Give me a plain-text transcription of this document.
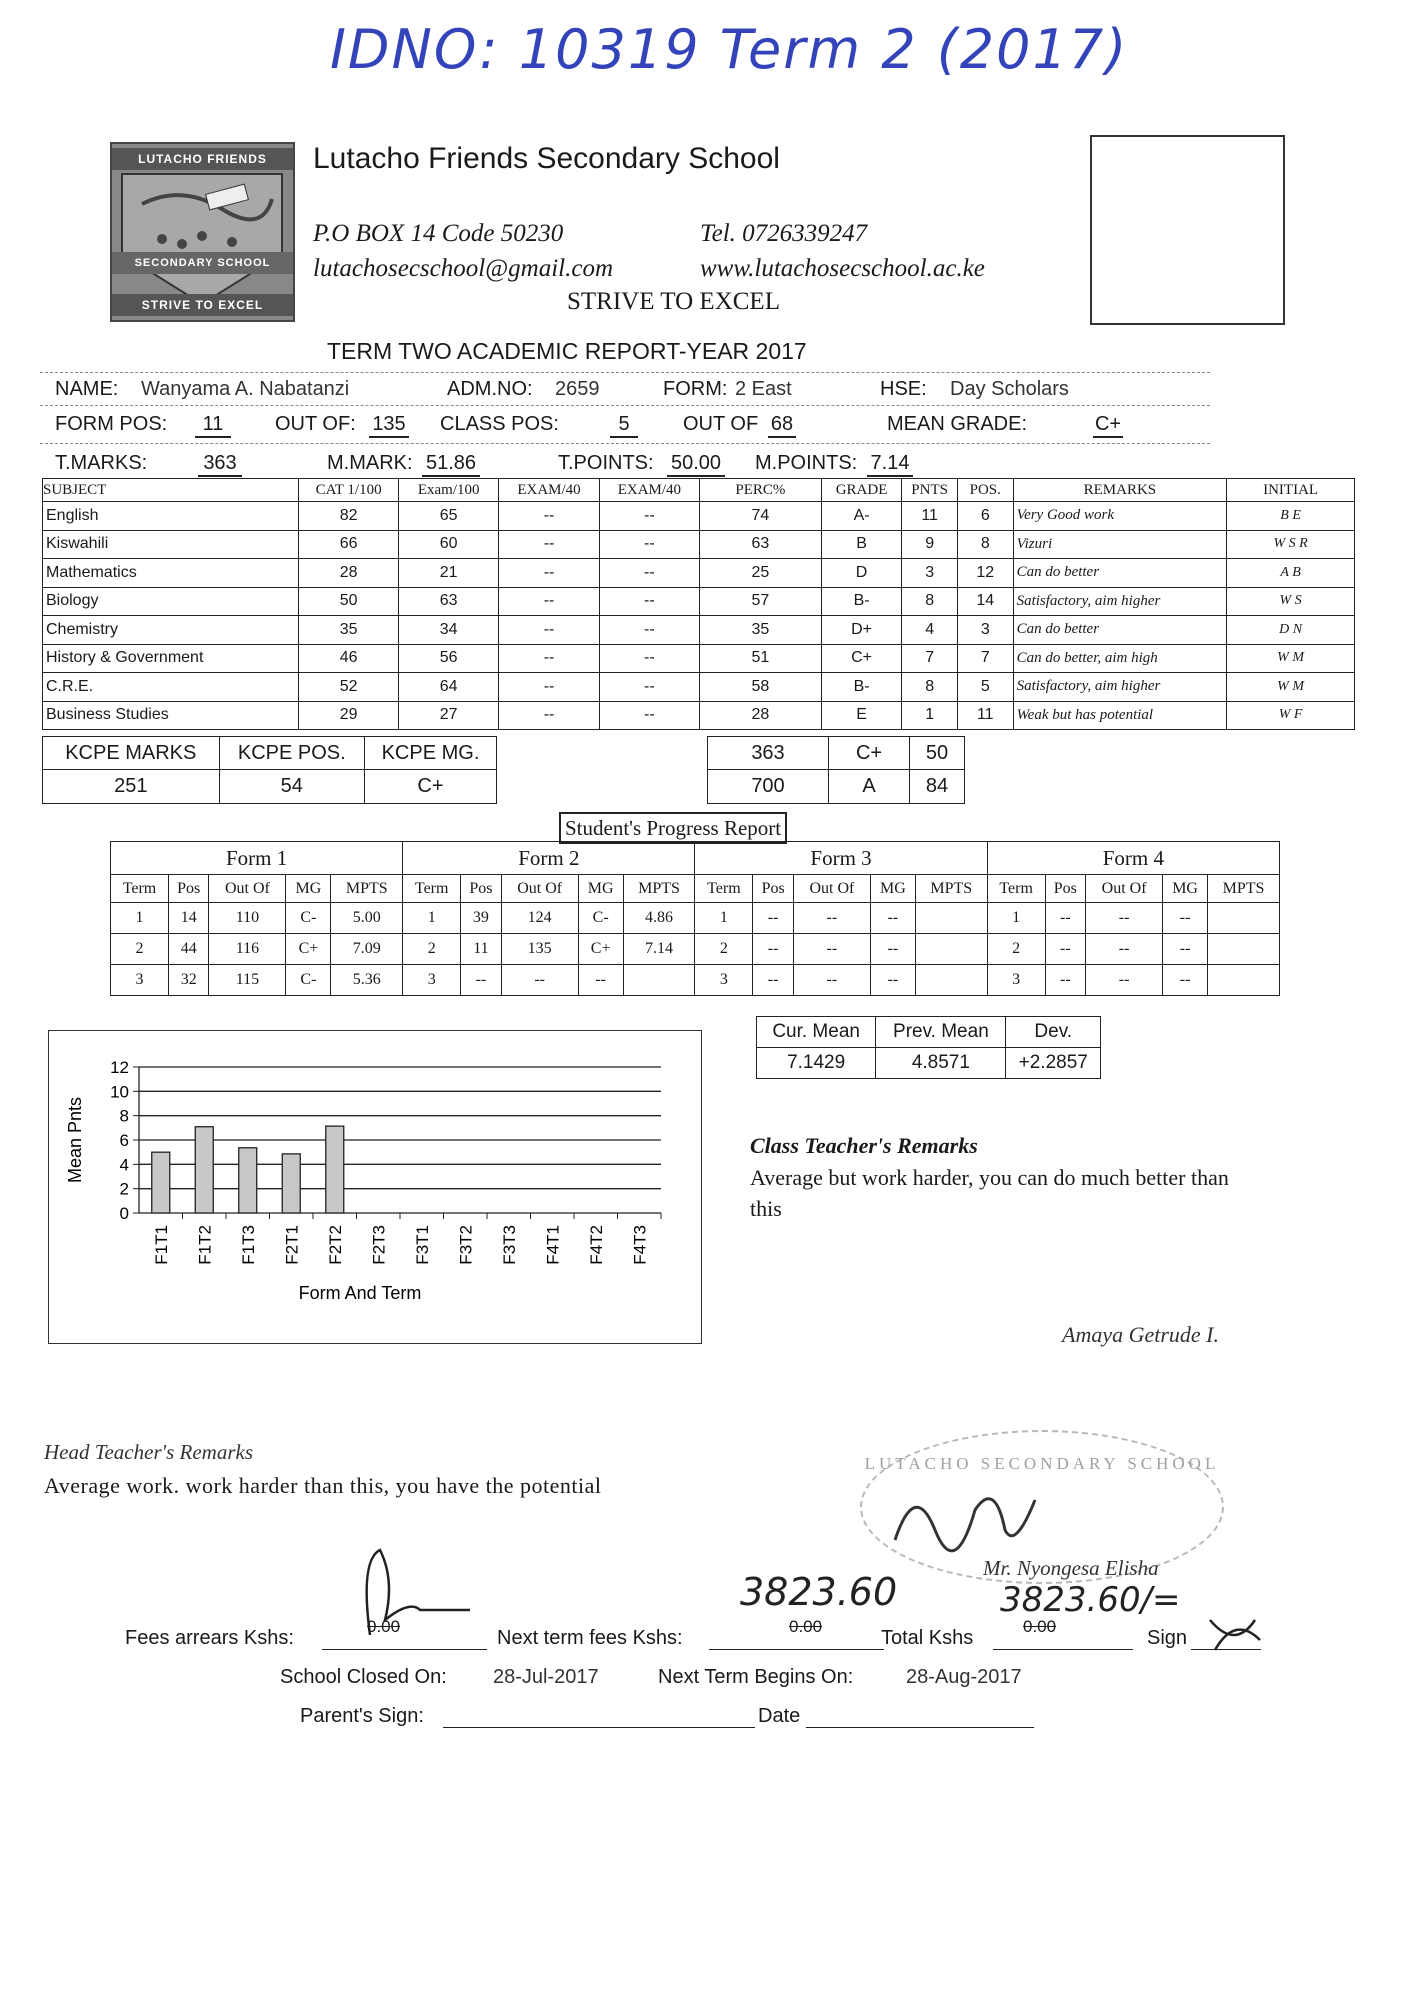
IDNO: 10319 Term 2 (2017)
LUTACHO FRIENDS
SECONDARY SCHOOL
STRIVE TO EXCEL
Lutacho Friends Secondary School
P.O BOX 14 Code 50230	Tel. 0726339247
lutachosecschool@gmail.com	www.lutachosecschool.ac.ke
STRIVE TO EXCEL
TERM TWO ACADEMIC REPORT-YEAR 2017
NAME: Wanyama A. Nabatanzi	ADM.NO: 2659	FORM: 2 East	HSE: Day Scholars
FORM POS:	11	OUT OF: 135 CLASS POS:	5	OUT OF 68	MEAN GRADE:	C+
T.MARKS:	363	M.MARK: 51.86	T.POINTS: 50.00 M.POINTS: 7.14
SUBJECT	CAT 1/100	Exam/100	EXAM/40	EXAM/40	PERC%	GRADE	PNTS	POS.	REMARKS	INITIAL
English	82	65	--	--	74	A-	11	6	Very Good work	B E
Kiswahili	66	60	--	--	63	B	9	8	Vizuri	W S R
Mathematics	28	21	--	--	25	D	3	12	Can do better	A B
Biology	50	63	--	--	57	B-	8	14	Satisfactory, aim higher	W S
Chemistry	35	34	--	--	35	D+	4	3	Can do better	D N
History & Government	46	56	--	--	51	C+	7	7	Can do better, aim high	W M
C.R.E.	52	64	--	--	58	B-	8	5	Satisfactory, aim higher	W M
Business Studies	29	27	--	--	28	E	1	11	Weak but has potential	W F
KCPE MARKS	KCPE POS.	KCPE MG.
251	54	C+
363	C+	50
700	A	84
Student's Progress Report
Form 1					Form 2					Form 3					Form 4				
Term	Pos	Out Of	MG	MPTS	Term	Pos	Out Of	MG	MPTS	Term	Pos	Out Of	MG	MPTS	Term	Pos	Out Of	MG	MPTS
1	14	110	C-	5.00	1	39	124	C-	4.86	1	--	--	--		1	--	--	--	
2	44	116	C+	7.09	2	11	135	C+	7.14	2	--	--	--		2	--	--	--	
3	32	115	C-	5.36	3	--	--	--		3	--	--	--		3	--	--	--	
Cur. Mean	Prev. Mean	Dev.
7.1429	4.8571	+2.2857
0
2
4
6
8
10
12
F1T1 F1T2 F1T3 F2T1 F2T2 F2T3 F3T1 F3T2 F3T3 F4T1 F4T2 F4T3
Mean Pnts
Form And Term
Class Teacher's Remarks
Average but work harder, you can do much better than this
Amaya Getrude I.
Head Teacher's Remarks
Average work. work harder than this, you have the potential
LUTACHO SECONDARY SCHOOL
Mr. Nyongesa Elisha
3823.60	3823.60/=
Fees arrears Kshs:
0.00
Next term fees Kshs:
0.00
Total Kshs
0.00
Sign
School Closed On: 28-Jul-2017	Next Term Begins On:	28-Aug-2017
Parent's Sign:	Date
